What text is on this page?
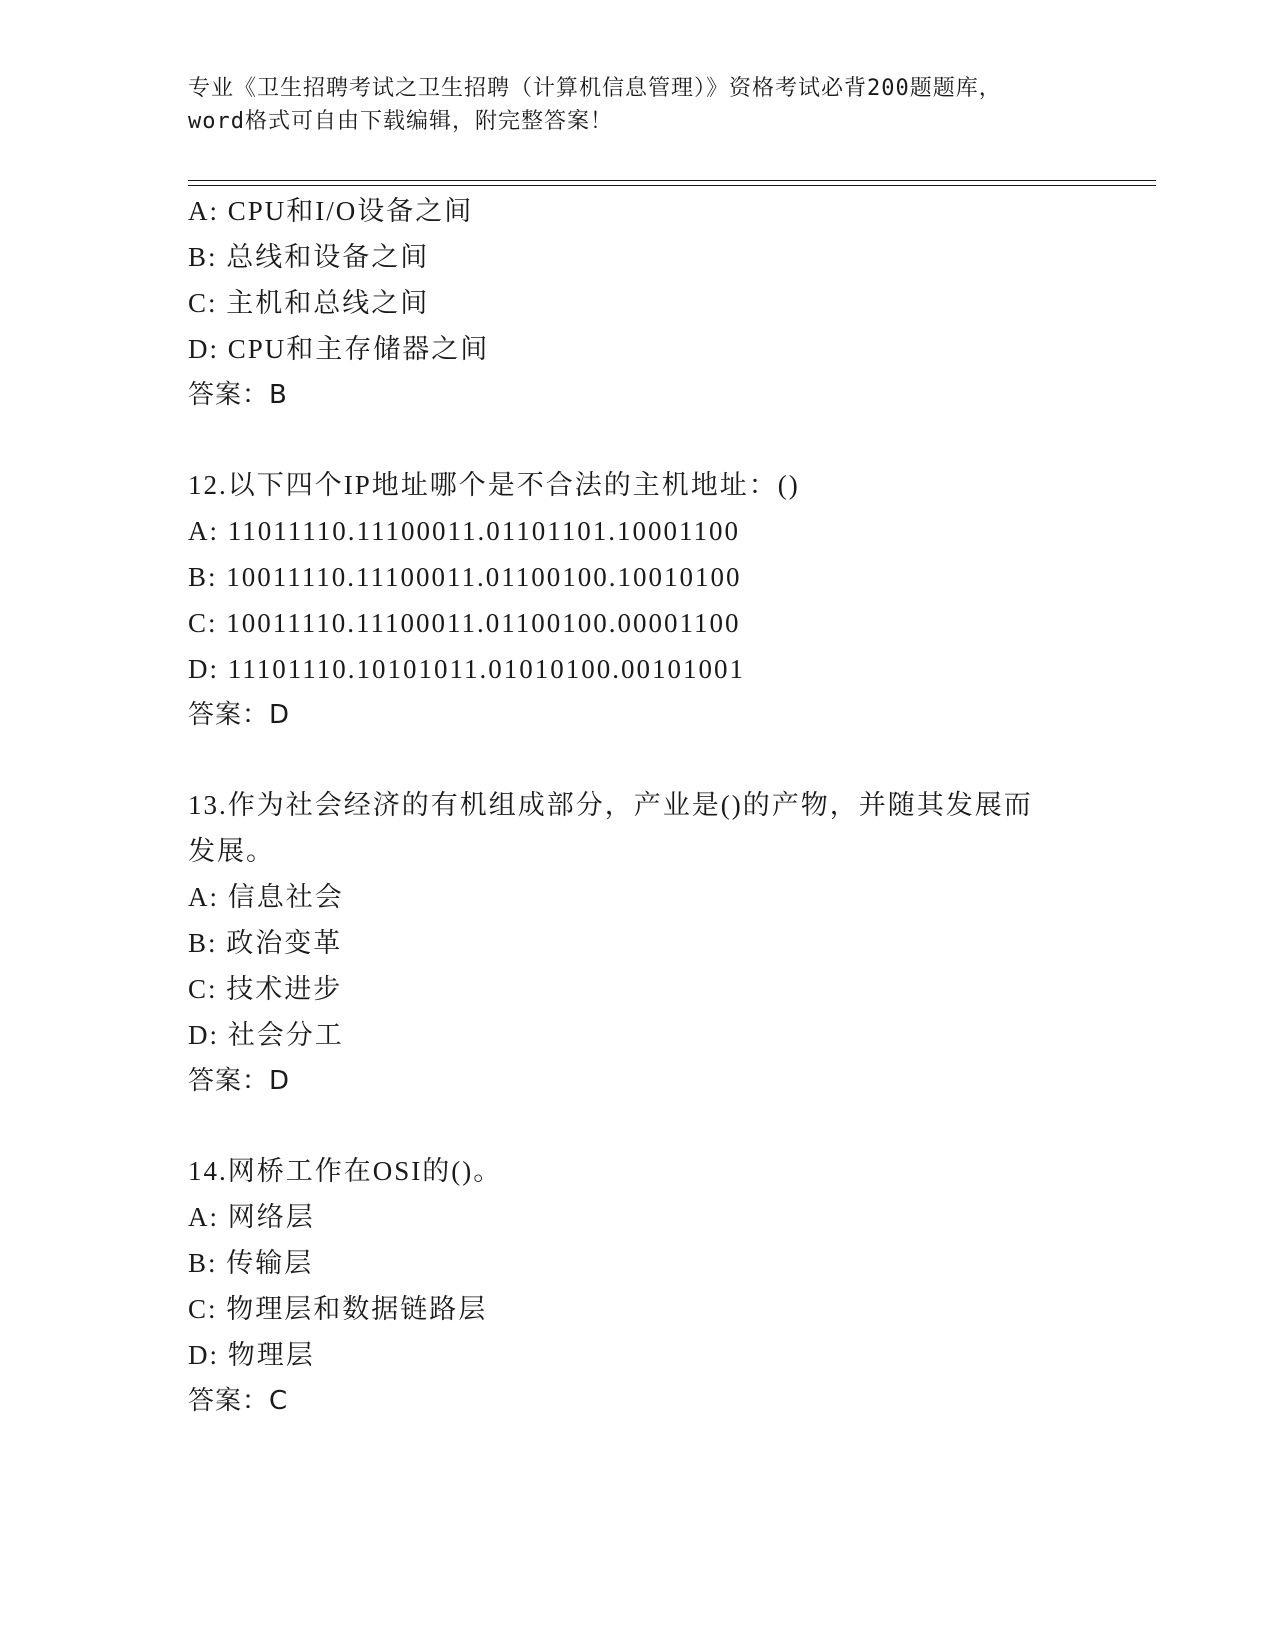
专业《卫生招聘考试之卫生招聘（计算机信息管理）》资格考试必背200题题库，
word格式可自由下载编辑，附完整答案！
A: CPU和I/O设备之间
B: 总线和设备之间
C: 主机和总线之间
D: CPU和主存储器之间
答案：B
12.以下四个IP地址哪个是不合法的主机地址：()
A: 11011110.11100011.01101101.10001100
B: 10011110.11100011.01100100.10010100
C: 10011110.11100011.01100100.00001100
D: 11101110.10101011.01010100.00101001
答案：D
13.作为社会经济的有机组成部分，产业是()的产物，并随其发展而发展。
A: 信息社会
B: 政治变革
C: 技术进步
D: 社会分工
答案：D
14.网桥工作在OSI的()。
A: 网络层
B: 传输层
C: 物理层和数据链路层
D: 物理层
答案：C
